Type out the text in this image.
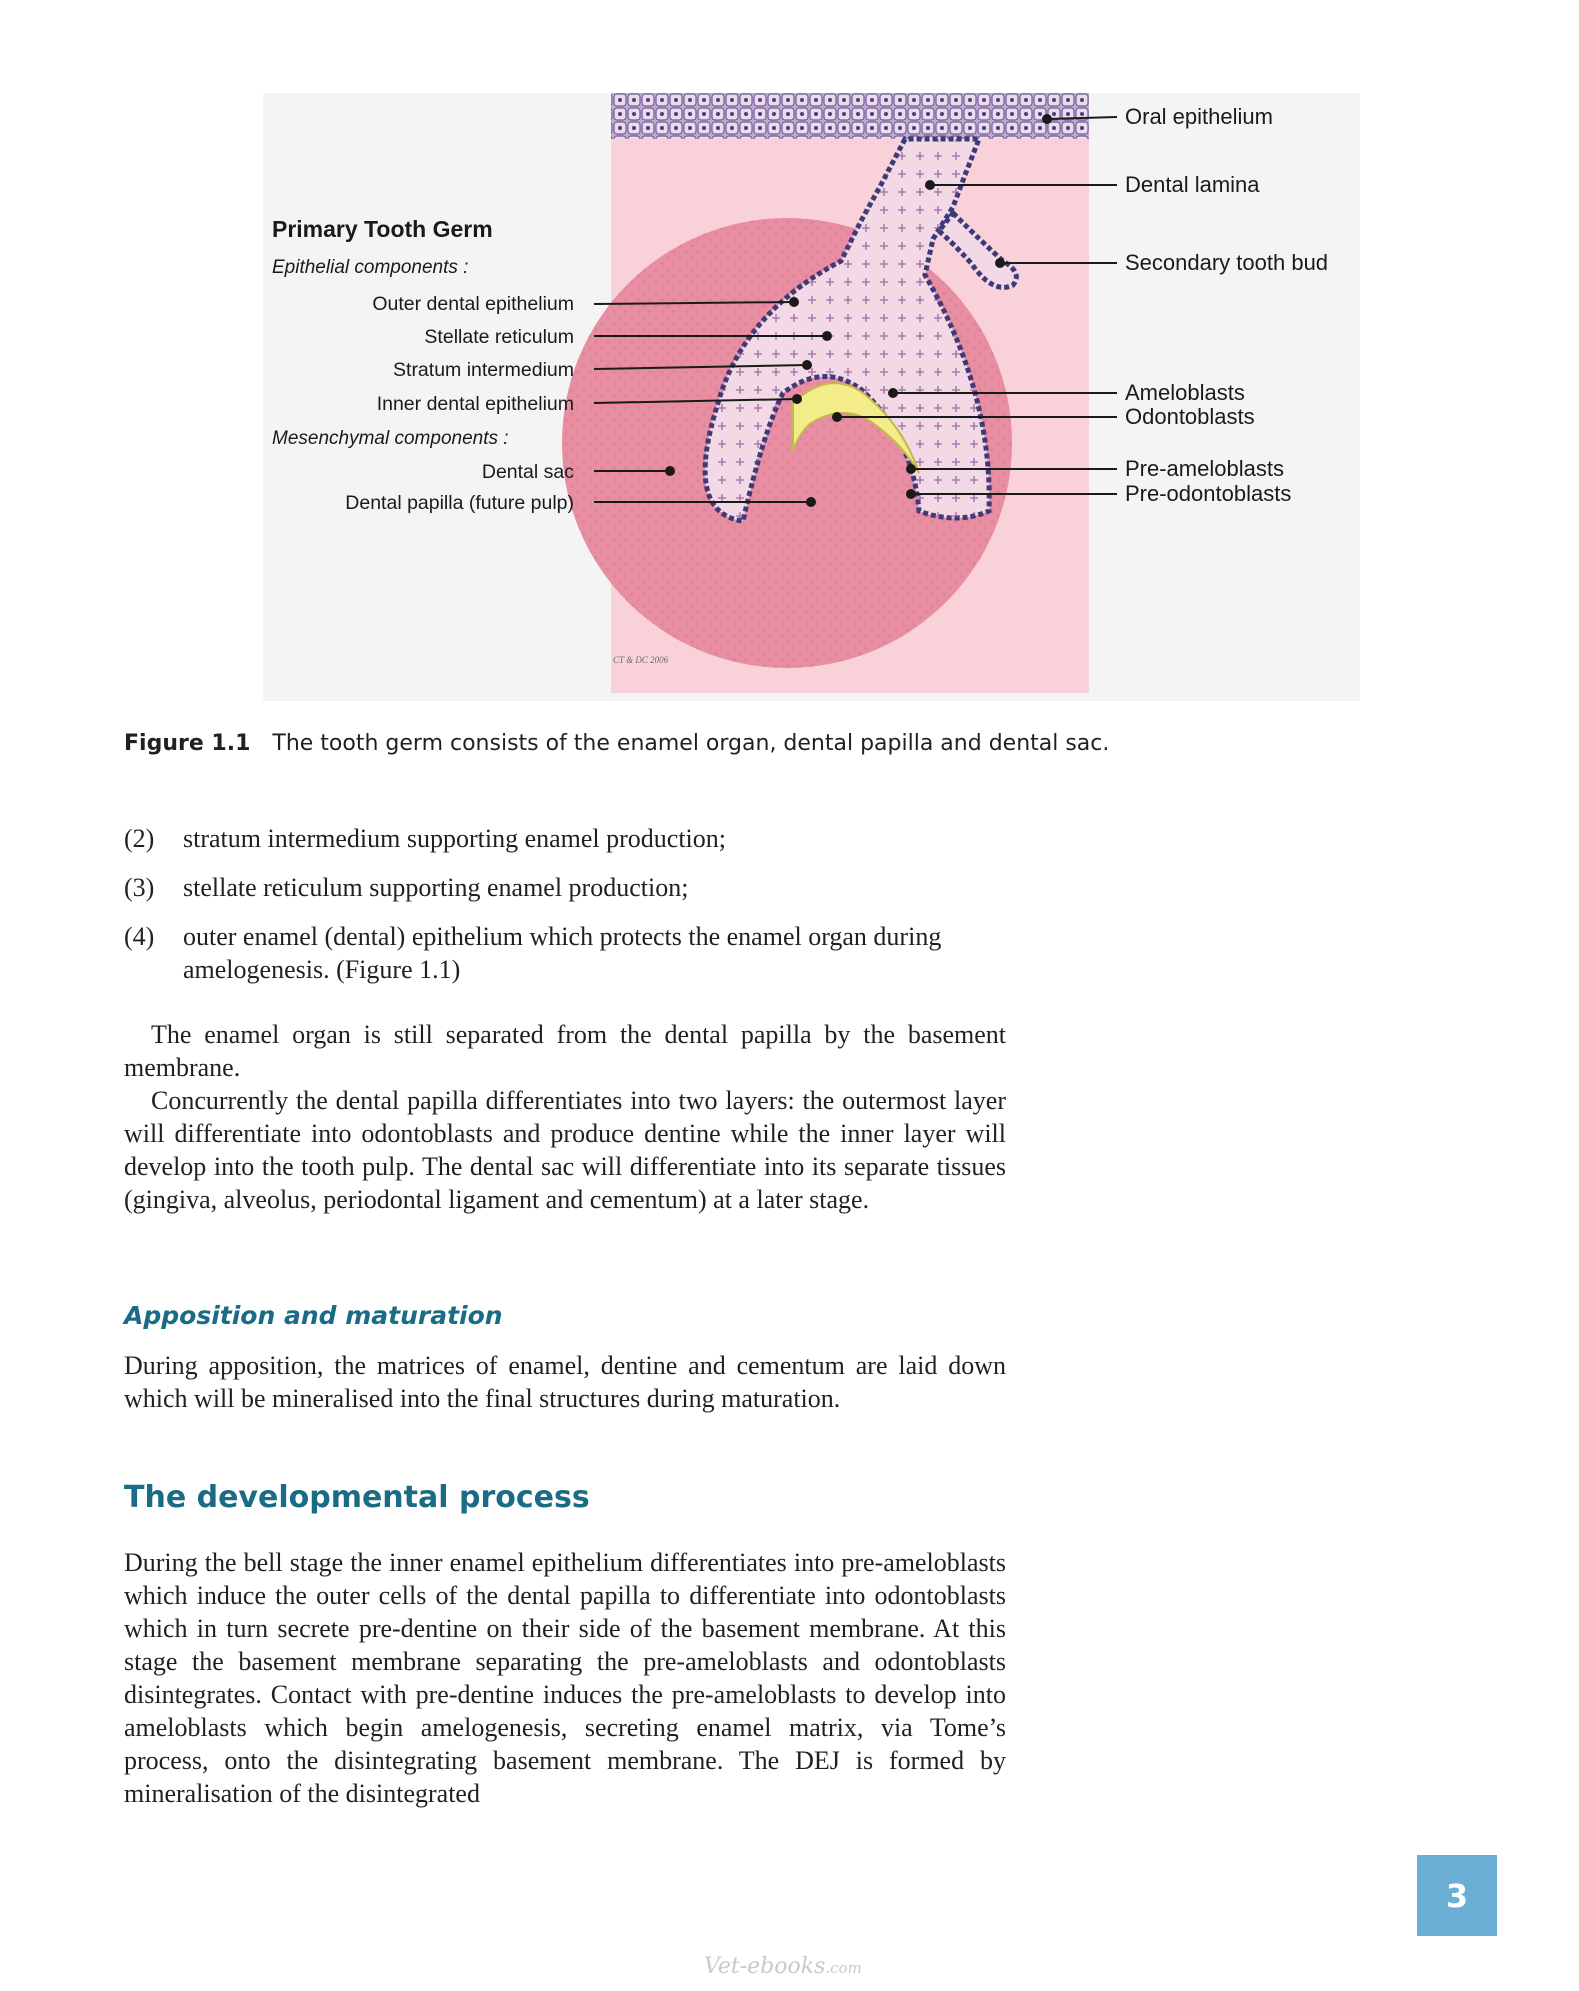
Primary Tooth Germ
Epithelial components :
Outer dental epithelium
Stellate reticulum
Stratum intermedium
Inner dental epithelium
Mesenchymal components :
Dental sac
Dental papilla (future pulp)
Oral epithelium
Dental lamina
Secondary tooth bud
Ameloblasts
Odontoblasts
Pre-ameloblasts
Pre-odontoblasts
CT & DC 2006
Figure 1.1 The tooth germ consists of the enamel organ, dental papilla and dental sac.
(2) stratum intermedium supporting enamel production;
(3) stellate reticulum supporting enamel production;
(4) outer enamel (dental) epithelium which protects the enamel organ during amelogenesis. (Figure 1.1)
The enamel organ is still separated from the dental papilla by the basement membrane.
Concurrently the dental papilla differentiates into two layers: the outermost layer will differentiate into odontoblasts and produce dentine while the inner layer will develop into the tooth pulp. The dental sac will differentiate into its separate tissues (gingiva, alveolus, periodontal ligament and cementum) at a later stage.
Apposition and maturation
During apposition, the matrices of enamel, dentine and cementum are laid down which will be mineralised into the final structures during maturation.
The developmental process
During the bell stage the inner enamel epithelium differentiates into pre-ameloblasts which induce the outer cells of the dental papilla to differentiate into odontoblasts which in turn secrete pre-dentine on their side of the basement membrane. At this stage the basement membrane separating the pre-ameloblasts and odontoblasts disintegrates. Contact with pre-dentine induces the pre-ameloblasts to develop into ameloblasts which begin amelogenesis, secreting enamel matrix, via Tome’s process, onto the disintegrating basement membrane. The DEJ is formed by mineralisation of the disintegrated
3
Vet-ebooks.com
